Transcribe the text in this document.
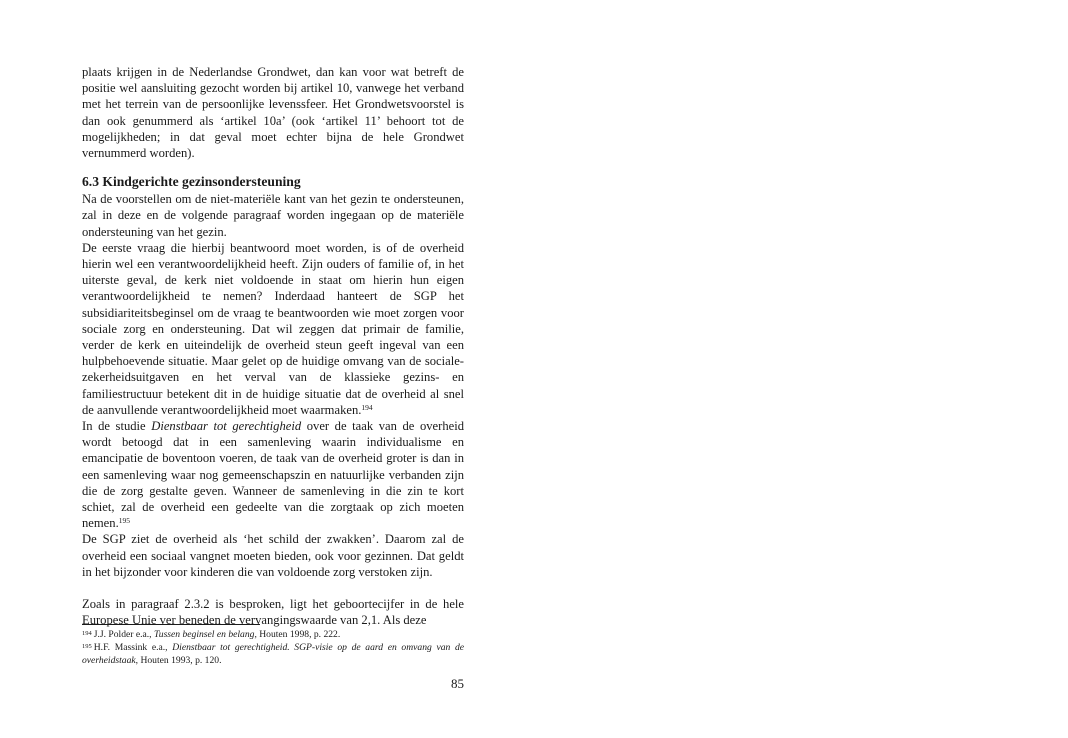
plaats krijgen in de Nederlandse Grondwet, dan kan voor wat betreft de positie wel aansluiting gezocht worden bij artikel 10, vanwege het verband met het terrein van de persoonlijke levenssfeer. Het Grondwetsvoorstel is dan ook genummerd als ‘artikel 10a’ (ook ‘artikel 11’ behoort tot de mogelijkheden; in dat geval moet echter bijna de hele Grondwet vernummerd worden).

6.3 Kindgerichte gezinsondersteuning

Na de voorstellen om de niet-materiële kant van het gezin te ondersteunen, zal in deze en de volgende paragraaf worden ingegaan op de materiële ondersteuning van het gezin.

De eerste vraag die hierbij beantwoord moet worden, is of de overheid hierin wel een verantwoordelijkheid heeft. Zijn ouders of familie of, in het uiterste geval, de kerk niet voldoende in staat om hierin hun eigen verantwoordelijkheid te nemen? Inderdaad hanteert de SGP het subsidiariteitsbeginsel om de vraag te beantwoorden wie moet zorgen voor sociale zorg en ondersteuning. Dat wil zeggen dat primair de familie, verder de kerk en uiteindelijk de overheid steun geeft ingeval van een hulpbehoevende situatie. Maar gelet op de huidige omvang van de sociale-zekerheidsuitgaven en het verval van de klassieke gezins- en familiestructuur betekent dit in de huidige situatie dat de overheid al snel de aanvullende verantwoordelijkheid moet waarmaken.$^{194}$

In de studie Dienstbaar tot gerechtigheid over de taak van de overheid wordt betoogd dat in een samenleving waarin individualisme en emancipatie de boventoon voeren, de taak van de overheid groter is dan in een samenleving waar nog gemeenschapszin en natuurlijke verbanden zijn die de zorg gestalte geven. Wanneer de samenleving in die zin te kort schiet, zal de overheid een gedeelte van die zorgtaak op zich moeten nemen.$^{195}$

De SGP ziet de overheid als ‘het schild der zwakken’. Daarom zal de overheid een sociaal vangnet moeten bieden, ook voor gezinnen. Dat geldt in het bijzonder voor kinderen die van voldoende zorg verstoken zijn.

Zoals in paragraaf 2.3.2 is besproken, ligt het geboortecijfer in de hele Europese Unie ver beneden de vervangingswaarde van 2,1. Als deze

$^{194}$ J.J. Polder e.a., Tussen beginsel en belang, Houten 1998, p. 222.

$^{195}$ H.F. Massink e.a., Dienstbaar tot gerechtigheid. SGP-visie op de aard en omvang van de overheidstaak, Houten 1993, p. 120.

85
